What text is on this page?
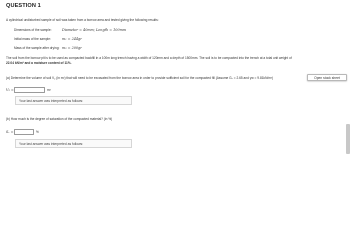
QUESTION 1
A cylindrical undisturbed sample of soil was taken from a borrow area and tested giving the following results:
Dimensions of the sample:	Diameter = 40mm; Length = 100mm
Initial mass of the sample:	m₁ = 244gr
Mass of the sample after drying: m₂ = 200gr
The soil from the borrow pit is to be used as compacted backfill in a 100m long trench having a width of 120mm and a depth of 1500mm. The soil is to be compacted into the trench at a total unit weight of
22.04 kN/m³ and a moisture content of 11%.
(a) Determine the volume of soil V₂ (in m³) that will need to be excavated from the borrow area in order to provide sufficient soil for the compacted fill (Assume Gₛ = 2.65 and γw = 9.81kN/m³)	Open stock sheet
V₂ =	m³
Your last answer was interpreted as follows:
(b) How much is the degree of saturation of the compacted material? (in %)
Sᵣ =	%
Your last answer was interpreted as follows:
